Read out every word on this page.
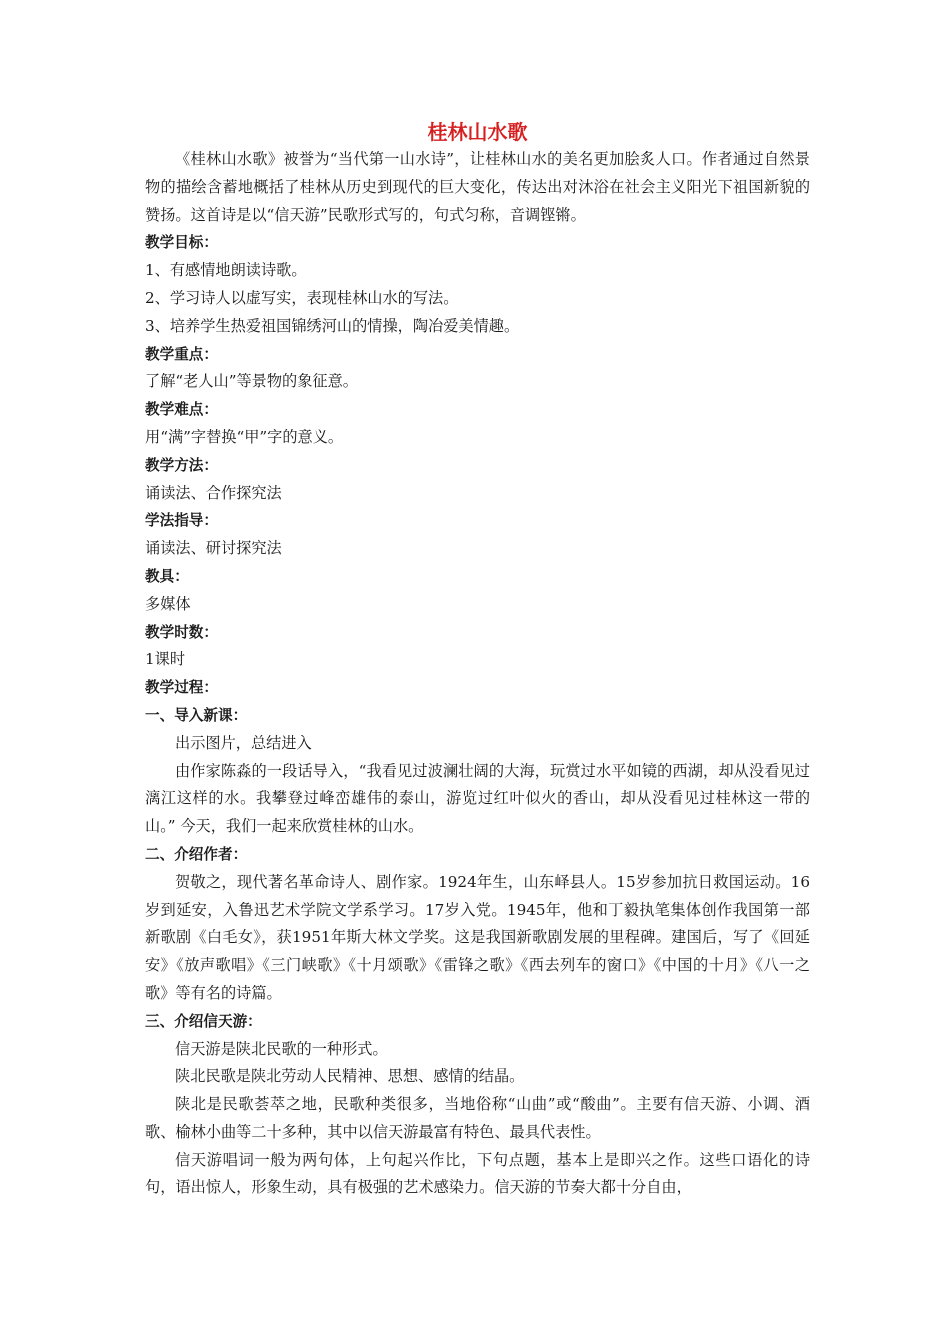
桂林山水歌

《桂林山水歌》被誉为“当代第一山水诗”，让桂林山水的美名更加脍炙人口。作者通过自然景物的描绘含蓄地概括了桂林从历史到现代的巨大变化，传达出对沐浴在社会主义阳光下祖国新貌的赞扬。这首诗是以“信天游”民歌形式写的，句式匀称，音调铿锵。

教学目标：

1、有感情地朗读诗歌。

2、学习诗人以虚写实，表现桂林山水的写法。

3、培养学生热爱祖国锦绣河山的情操，陶冶爱美情趣。

教学重点：

了解“老人山”等景物的象征意。

教学难点：

用“满”字替换“甲”字的意义。

教学方法：

诵读法、合作探究法

学法指导：

诵读法、研讨探究法

教具：

多媒体

教学时数：

1课时

教学过程：

一、导入新课：

出示图片，总结进入

由作家陈淼的一段话导入，“我看见过波澜壮阔的大海，玩赏过水平如镜的西湖，却从没看见过漓江这样的水。我攀登过峰峦雄伟的泰山，游览过红叶似火的香山，却从没看见过桂林这一带的山。” 今天，我们一起来欣赏桂林的山水。

二、介绍作者：

贺敬之，现代著名革命诗人、剧作家。1924年生，山东峄县人。15岁参加抗日救国运动。16岁到延安，入鲁迅艺术学院文学系学习。17岁入党。1945年，他和丁毅执笔集体创作我国第一部新歌剧《白毛女》，获1951年斯大林文学奖。这是我国新歌剧发展的里程碑。建国后，写了《回延安》《放声歌唱》《三门峡歌》《十月颂歌》《雷锋之歌》《西去列车的窗口》《中国的十月》《八一之歌》等有名的诗篇。

三、介绍信天游：

信天游是陕北民歌的一种形式。

陕北民歌是陕北劳动人民精神、思想、感情的结晶。

陕北是民歌荟萃之地，民歌种类很多，当地俗称“山曲”或“酸曲”。主要有信天游、小调、酒歌、榆林小曲等二十多种，其中以信天游最富有特色、最具代表性。

信天游唱词一般为两句体，上句起兴作比，下句点题，基本上是即兴之作。这些口语化的诗句，语出惊人，形象生动，具有极强的艺术感染力。信天游的节奏大都十分自由，
